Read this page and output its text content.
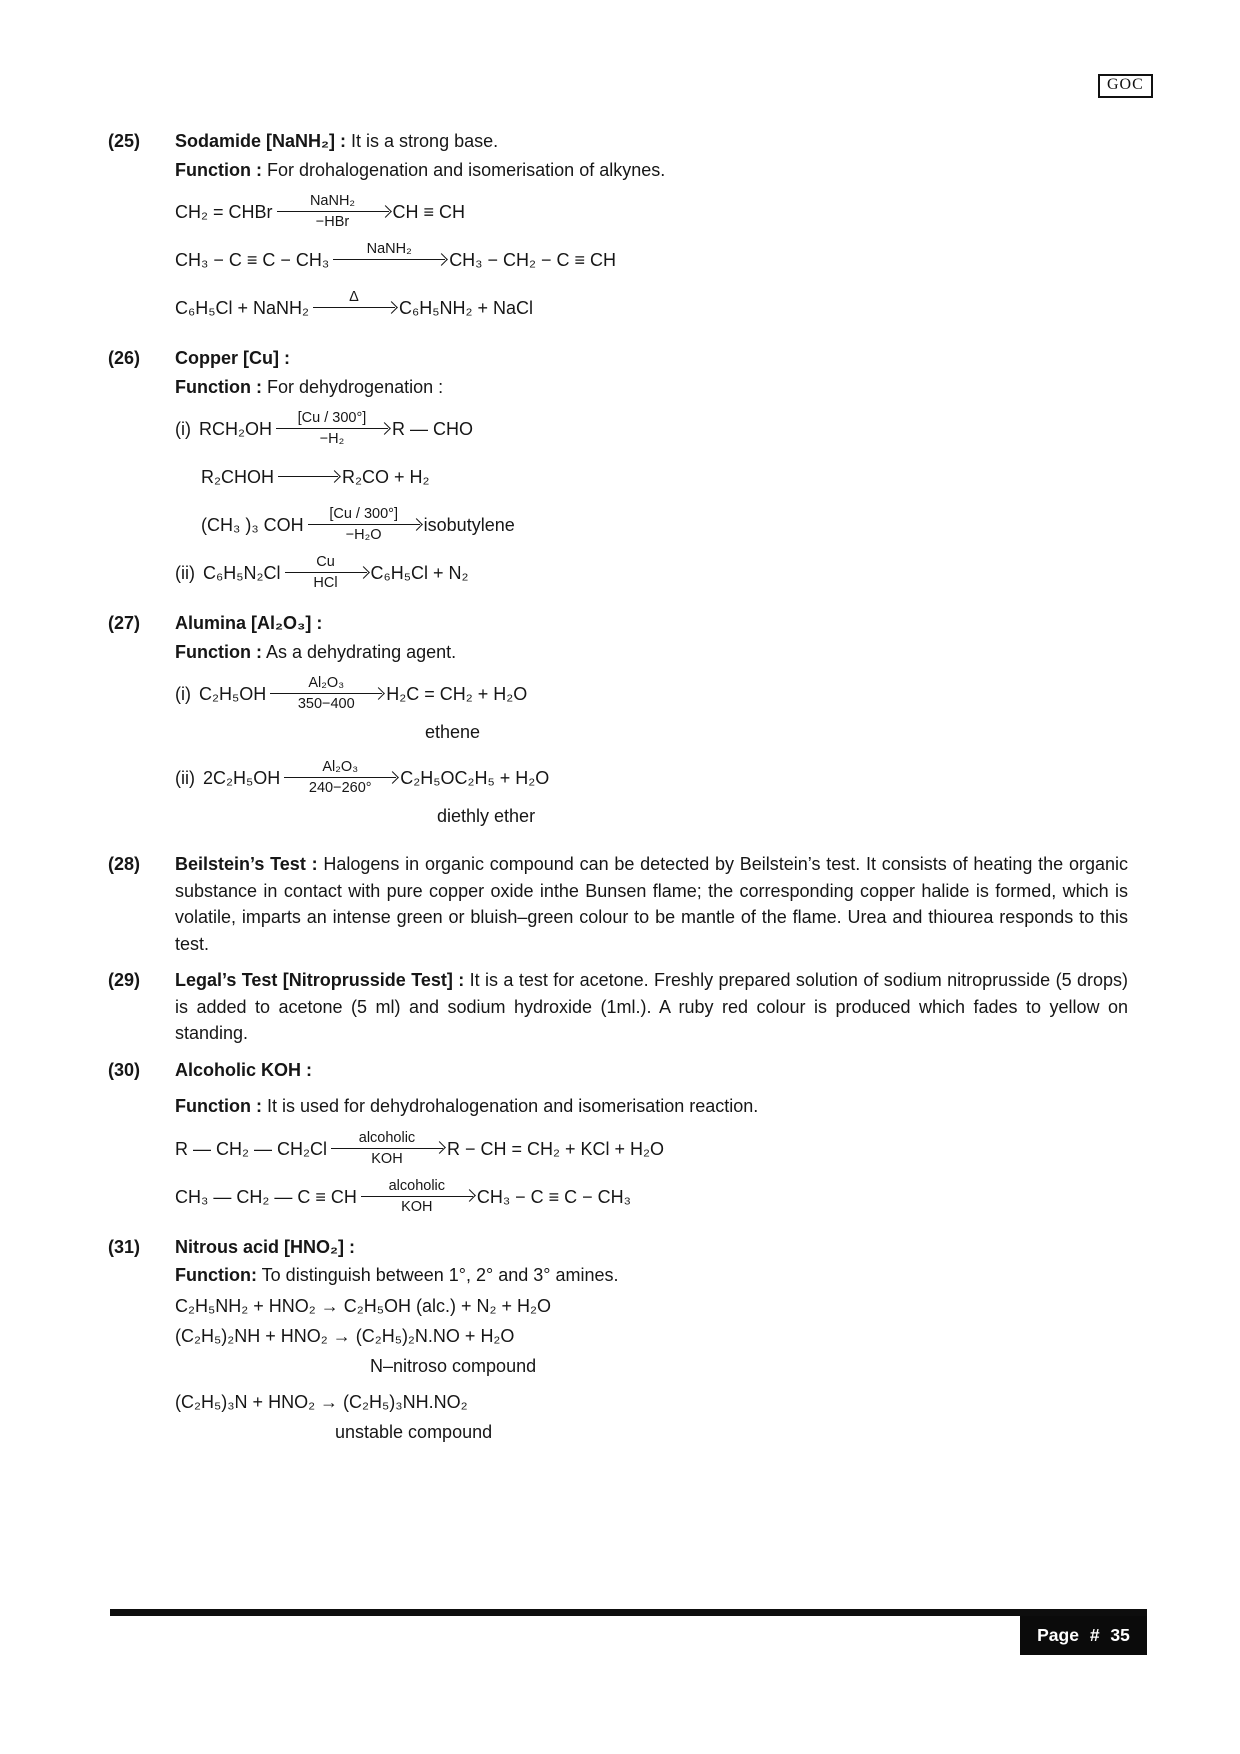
GOC
(25)	Sodamide [NaNH₂] : It is a strong base.

Function : For drohalogenation and isomerisation of alkynes.

CH₂ = CHBr
NaNH₂
−HBr	CH ≡ CH
CH₃ − C ≡ C − CH₃
NaNH₂
CH₃ − CH₂ − C ≡ CH
C₆H₅Cl + NaNH₂
Δ
C₆H₅NH₂ + NaCl
(26)	Copper [Cu] :

Function : For dehydrogenation :

(i) RCH₂OH
[Cu / 300°]
−H₂	R — CHO
R₂CHOH	R₂CO + H₂
(CH₃ )₃ COH
[Cu / 300°]
−H₂O	isobutylene
(ii) C₆H₅N₂Cl
Cu
HCl	C₆H₅Cl + N₂
(27)	Alumina [Al₂O₃] :

Function : As a dehydrating agent.

(i) C₂H₅OH
Al₂O₃
350−400	H₂C = CH₂ + H₂O
ethene
(ii) 2C₂H₅OH
Al₂O₃
240−260°	C₂H₅OC₂H₅ + H₂O
diethly ether
(28)	Beilstein’s Test : Halogens in organic compound can be detected by Beilstein’s test. It consists of heating the organic substance in contact with pure copper oxide inthe Bunsen flame; the corresponding copper halide is formed, which is volatile, imparts an intense green or bluish–green colour to be mantle of the flame. Urea and thiourea responds to this test.

(29)	Legal’s Test [Nitroprusside Test] : It is a test for acetone. Freshly prepared solution of sodium nitroprusside (5 drops) is added to acetone (5 ml) and sodium hydroxide (1ml.). A ruby red colour is produced which fades to yellow on standing.

(30)	Alcoholic KOH :

Function : It is used for dehydrohalogenation and isomerisation reaction.

R — CH₂ — CH₂Cl
alcoholic
KOH	R − CH = CH₂ + KCl + H₂O
CH₃ — CH₂ — C ≡ CH
alcoholic
KOH	CH₃ − C ≡ C − CH₃
(31)	Nitrous acid [HNO₂] :

Function: To distinguish between 1°, 2° and 3° amines.

C₂H₅NH₂ + HNO₂ → C₂H₅OH (alc.) + N₂ + H₂O
(C₂H₅)₂NH + HNO₂ → (C₂H₅)₂N.NO + H₂O
N–nitroso compound
(C₂H₅)₃N + HNO₂ → (C₂H₅)₃NH.NO₂
unstable compound
Page # 35
